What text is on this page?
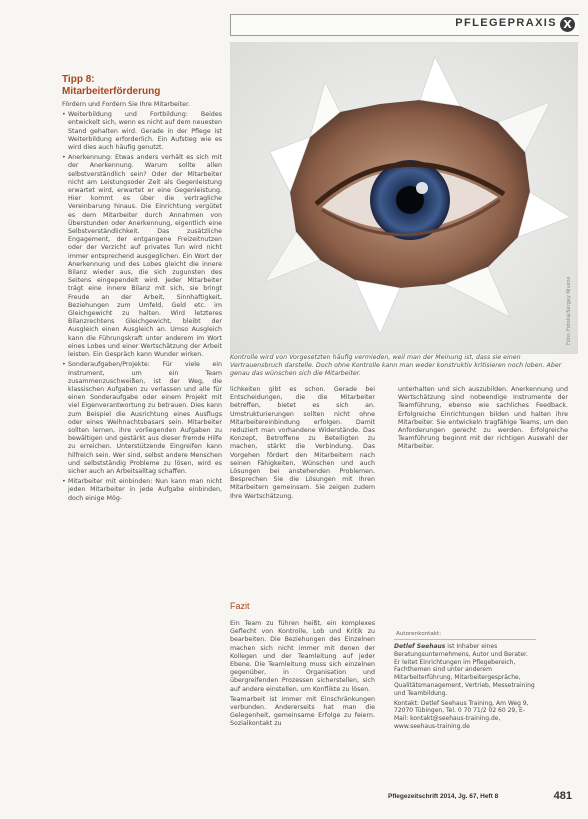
PFLEGEPRAXIS X
Tipp 8:
Mitarbeiterförderung

Fördern und Fordern Sie Ihre Mitarbeiter.

• Weiterbildung und Fortbildung: Beides entwickelt sich, wenn es nicht auf dem neuesten Stand gehalten wird. Gerade in der Pflege ist Weiterbildung erforderlich. Ein Aufstieg wie es wird dies auch häufig genutzt.

• Anerkennung: Etwas anders verhält es sich mit der Anerkennung. Warum sollte allen selbstverständlich sein? Oder der Mitarbeiter nicht am Leistungsoder Zeit als Gegenleistung erwartet wird, erwartet er eine Gegenleistung. Hier kommt es über die vertragliche Vereinbarung hinaus. Die Einrichtung vergütet es dem Mitarbeiter durch Annahmen von Überstunden oder Anerkennung, eigentlich eine Selbstverständlichkeit. Das zusätzliche Engagement, der entgangene Freizeitnutzen oder der Verzicht auf privates Tun wird nicht immer entsprechend ausgeglichen. Ein Wort der Anerkennung und des Lobes gleicht die innere Bilanz wieder aus, die sich zugunsten des Seitens eingependelt wird. Jeder Mitarbeiter trägt eine innere Bilanz mit sich, sie bringt Freude an der Arbeit, Sinnhaftigkeit, Beziehungen zum Umfeld, Geld etc. im Gleichgewicht zu halten. Wird letzteres Bilanzrechtens Gleichgewicht, bleibt der Ausgleich einen Ausgleich an. Umso Ausgleich kann die Führungskraft unter anderem im Wort eines Lobes und einer Wertschätzung der Arbeit leisten. Ein Gespräch kann Wunder wirken.

• Sonderaufgaben/Projekte: Für viele ein Instrument, um ein Team zusammenzuschweißen, ist der Weg, die klassischen Aufgaben zu verlassen und alle für einen Sonderaufgabe oder einem Projekt mit viel Eigenverantwortung zu betrauen. Dies kann zum Beispiel die Ausrichtung eines Ausflugs oder eines Weihnachtsbasars sein. Mitarbeiter sollten lernen, ihre vorliegenden Aufgaben zu bewältigen und gestärkt aus dieser fremde Hilfe zu erreichen. Unterstützende Eingreifen kann hilfreich sein. Wer sind, selbst andere Menschen und selbstständig Probleme zu lösen, wird es sicher auch an Arbeitsalltag schaffen.

• Mitarbeiter mit einbinden: Nun kann man nicht jeden Mitarbeiter in jede Aufgabe einbinden, doch einige Mög-

Foto: Fotolia/Sergey Nivens
Kontrolle wird von Vorgesetzten häufig vermieden, weil man der Meinung ist, dass sie einen Vertrauensbruch darstelle. Doch ohne Kontrolle kann man weder konstruktiv kritisieren noch loben. Aber genau das wünschen sich die Mitarbeiter.

lichkeiten gibt es schon. Gerade bei Entscheidungen, die die Mitarbeiter betreffen, bietet es sich an. Umstrukturierungen sollten nicht ohne Mitarbeitereinbindung erfolgen. Damit reduziert man vorhandene Widerstände. Das Konzept, Betroffene zu Beteiligten zu machen, stärkt die Verbindung. Das Vorgehen fördert den Mitarbeitern nach seinen Fähigkeiten, Wünschen und auch Lösungen bei anstehenden Problemen. Besprechen Sie die Lösungen mit Ihren Mitarbeitern gemeinsam. Sie zeigen zudem Ihre Wertschätzung.

Fazit

Ein Team zu führen heißt, ein komplexes Geflecht von Kontrolle, Lob und Kritik zu bearbeiten. Die Beziehungen des Einzelnen machen sich nicht immer mit denen der Kollegen und der Teamleitung auf jeder Ebene. Die Teamleitung muss sich einzelnen gegenüber, in Organisation und übergreifenden Prozessen sicherstellen, sich auf andere einstellen, um Konflikte zu lösen.

Teamarbeit ist immer mit Einschränkungen verbunden. Andererseits hat man die Gelegenheit, gemeinsame Erfolge zu feiern. Sozialkontakt zu

unterhalten und sich auszubilden. Anerkennung und Wertschätzung sind notwendige Instrumente der Teamführung, ebenso wie sachliches Feedback. Erfolgreiche Einrichtungen bilden und halten ihre Mitarbeiter. Sie entwickeln tragfähige Teams, um den Anforderungen gerecht zu werden. Erfolgreiche Teamführung beginnt mit der richtigen Auswahl der Mitarbeiter.

Autorenkontakt:
Detlef Seehaus ist Inhaber eines Beratungsunternehmens, Autor und Berater. Er leitet Einrichtungen im Pflegebereich, Fachthemen sind unter anderem Mitarbeiterführung, Mitarbeitergespräche, Qualitätsmanagement, Vertrieb, Messetraining und Teambildung.
Kontakt: Detlef Seehaus Training, Am Weg 9, 72070 Tübingen, Tel. 0 70 71/2 02 60 29, E-Mail: kontakt@seehaus-training.de, www.seehaus-training.de
Pflegezeitschrift 2014, Jg. 67, Heft 8	481
